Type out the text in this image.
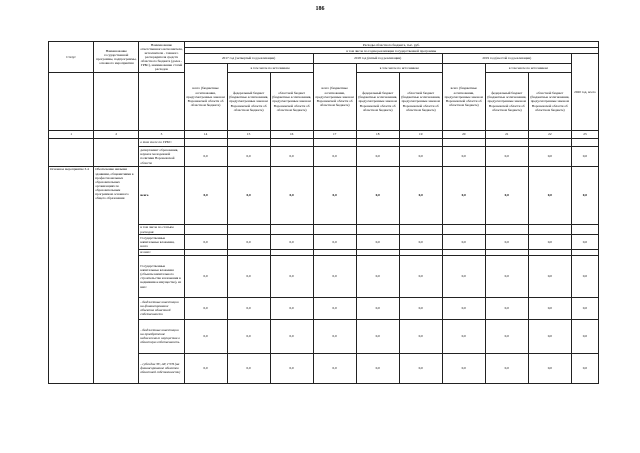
186
Статус	Наименование государственной программы, подпрограммы, основного мероприятия	Наименование ответственного исполнителя, исполнителя - главного распорядителя средств областного бюджета (далее - ГРБС), наименование статей расходов	Расходы областного бюджета, тыс. руб.									
			в том числе по годам реализации государственной программы									
			2017 год (четвертый год реализации)			2018 год (пятый год реализации)			2019 год (шестой год реализации)			2020 год, всего
			всего (бюджетные ассигнования, предусмотренные законом Воронежской области об областном бюджете)	в том числе по источникам		всего (бюджетные ассигнования, предусмотренные законом Воронежской области об областном бюджете)	в том числе по источникам		всего (бюджетные ассигнования, предусмотренные законом Воронежской области об областном бюджете)	в том числе по источникам		
				федеральный бюджет (бюджетные ассигнования, предусмотренные законом Воронежской области об областном бюджете)	областной бюджет (бюджетные ассигнования, предусмотренные законом Воронежской области об областном бюджете)		федеральный бюджет (бюджетные ассигнования, предусмотренные законом Воронежской области об областном бюджете)	областной бюджет (бюджетные ассигнования, предусмотренные законом Воронежской области об областном бюджете)		федеральный бюджет (бюджетные ассигнования, предусмотренные законом Воронежской области об областном бюджете)	областной бюджет (бюджетные ассигнования, предусмотренные законом Воронежской области об областном бюджете)	
1	2	3	14	15	16	17	18	19	20	21	22	23
		в том числе по ГРБС:										
		департамент образования, науки и молодежной политики Воронежской области	0,0	0,0	0,0	0,0	0,0	0,0	0,0	0,0	0,0	0,0
Основное мероприятие 3.4	Обеспечение жилыми зданиями, общежитиями в профессиональных образовательных организациях по образовательным программам основного общего образования	всего	0,0	0,0	0,0	0,0	0,0	0,0	0,0	0,0	0,0	0,0
		в том числе по статьям расходов:										
		Государственные капитальные вложения, всего	0,0	0,0	0,0	0,0	0,0	0,0	0,0	0,0	0,0	0,0
		из них:										
		Государственные капитальные вложения (объекты капитального строительства и вложения в недвижимое имущество), из них:	0,0	0,0	0,0	0,0	0,0	0,0	0,0	0,0	0,0	0,0
		- бюджетные инвестиции на финансирование объектов областной собственности	0,0	0,0	0,0	0,0	0,0	0,0	0,0	0,0	0,0	0,0
		- бюджетные инвестиции на приобретение недвижимого имущества в областную собственность	0,0	0,0	0,0	0,0	0,0	0,0	0,0	0,0	0,0	0,0
		- субсидии ЗУ, АУ, ГУП (на финансирование объектов областной собственности)	0,0	0,0	0,0	0,0	0,0	0,0	0,0	0,0	0,0	0,0
